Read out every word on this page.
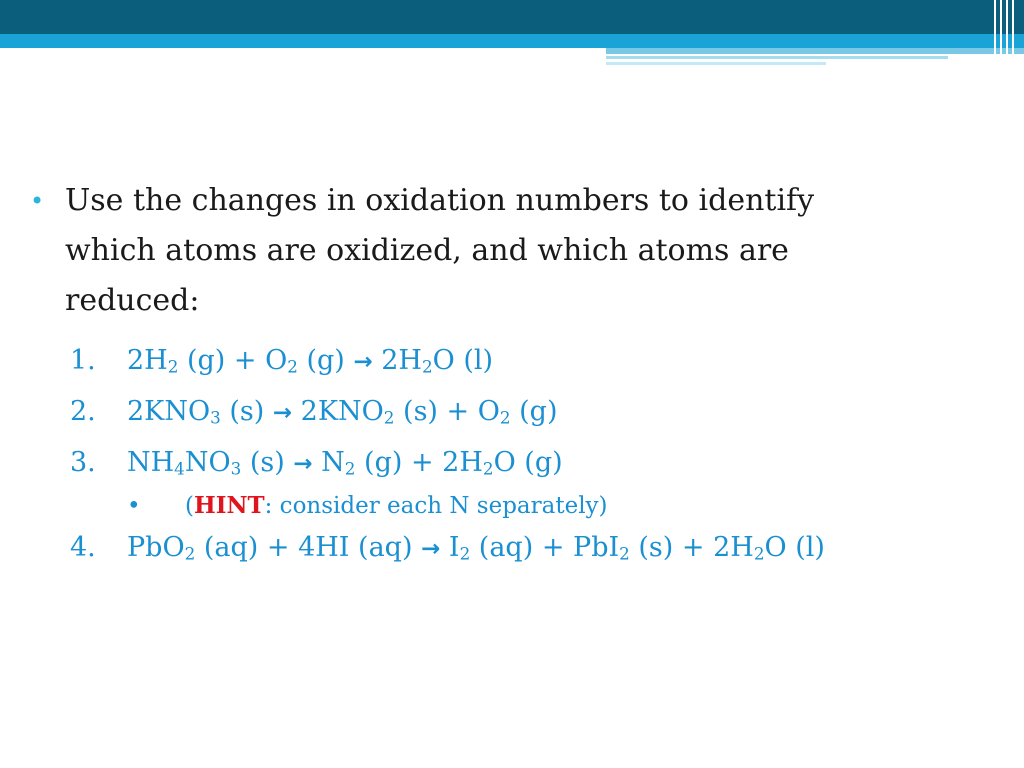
• Use the changes in oxidation numbers to identify
which atoms are oxidized, and which atoms are
reduced:
1. $2H_2$ $(g) + O_2$ $(g) \to 2H_2O$ (l)
2. $2KNO_3$ $(s) \to 2KNO_2$ $(s) + O_2$ (g)
3. $NH_4NO_3$ $(s) \to N_2$ $(g) + 2H_2O$ (g)
• (HINT: consider each N separately)
4. PbO$_2$ (aq) + 4HI $(aq) \to I_2$ (aq) + PbI$_2$ $(s) + 2H_2O$ (l)
